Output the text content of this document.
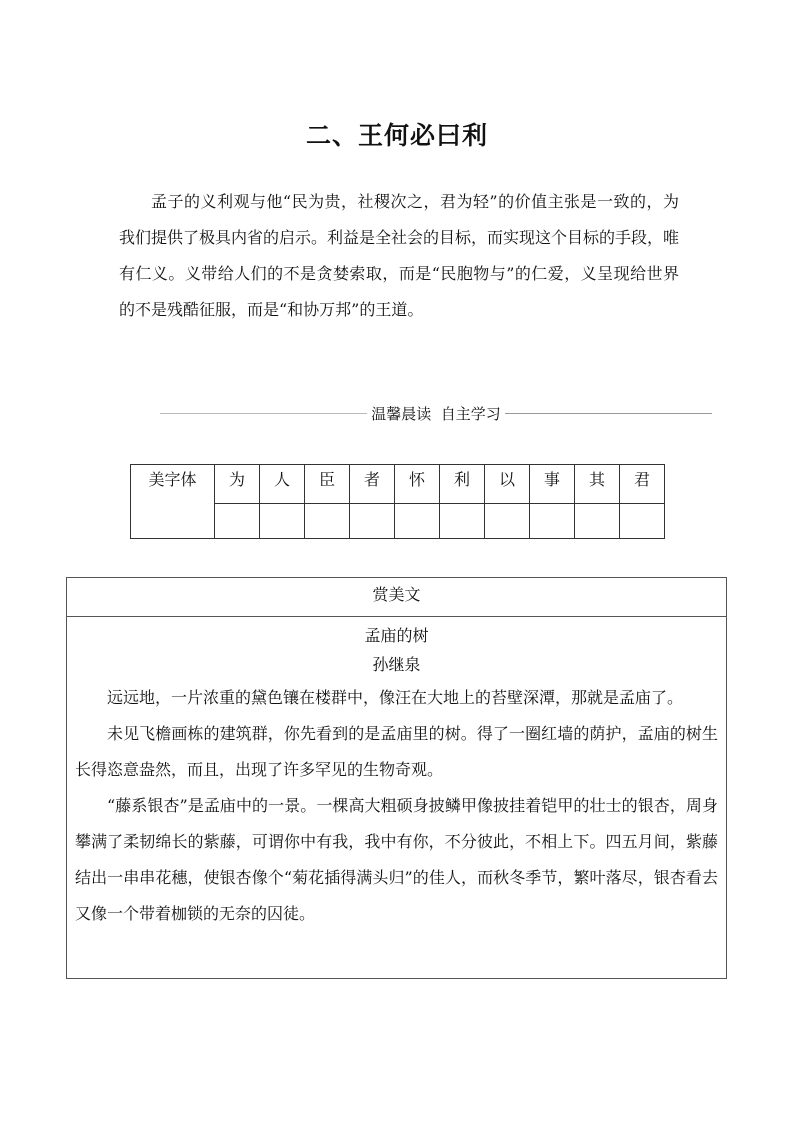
二、王何必曰利

孟子的义利观与他“民为贵，社稷次之，君为轻”的价值主张是一致的，为我们提供了极具内省的启示。利益是全社会的目标，而实现这个目标的手段，唯有仁义。义带给人们的不是贪婪索取，而是“民胞物与”的仁爱，义呈现给世界的不是残酷征服，而是“和协万邦”的王道。

温馨晨读  自主学习
美字体	为	人	臣	者	怀	利	以	事	其	君

赏美文
孟庙的树
孙继泉

远远地，一片浓重的黛色镶在楼群中，像汪在大地上的苔壁深潭，那就是孟庙了。

未见飞檐画栋的建筑群，你先看到的是孟庙里的树。得了一圈红墙的荫护，孟庙的树生长得恣意盎然，而且，出现了许多罕见的生物奇观。

“藤系银杏”是孟庙中的一景。一棵高大粗硕身披鳞甲像披挂着铠甲的壮士的银杏，周身攀满了柔韧绵长的紫藤，可谓你中有我，我中有你，不分彼此，不相上下。四五月间，紫藤结出一串串花穗，使银杏像个“菊花插得满头归”的佳人，而秋冬季节，繁叶落尽，银杏看去又像一个带着枷锁的无奈的囚徒。
